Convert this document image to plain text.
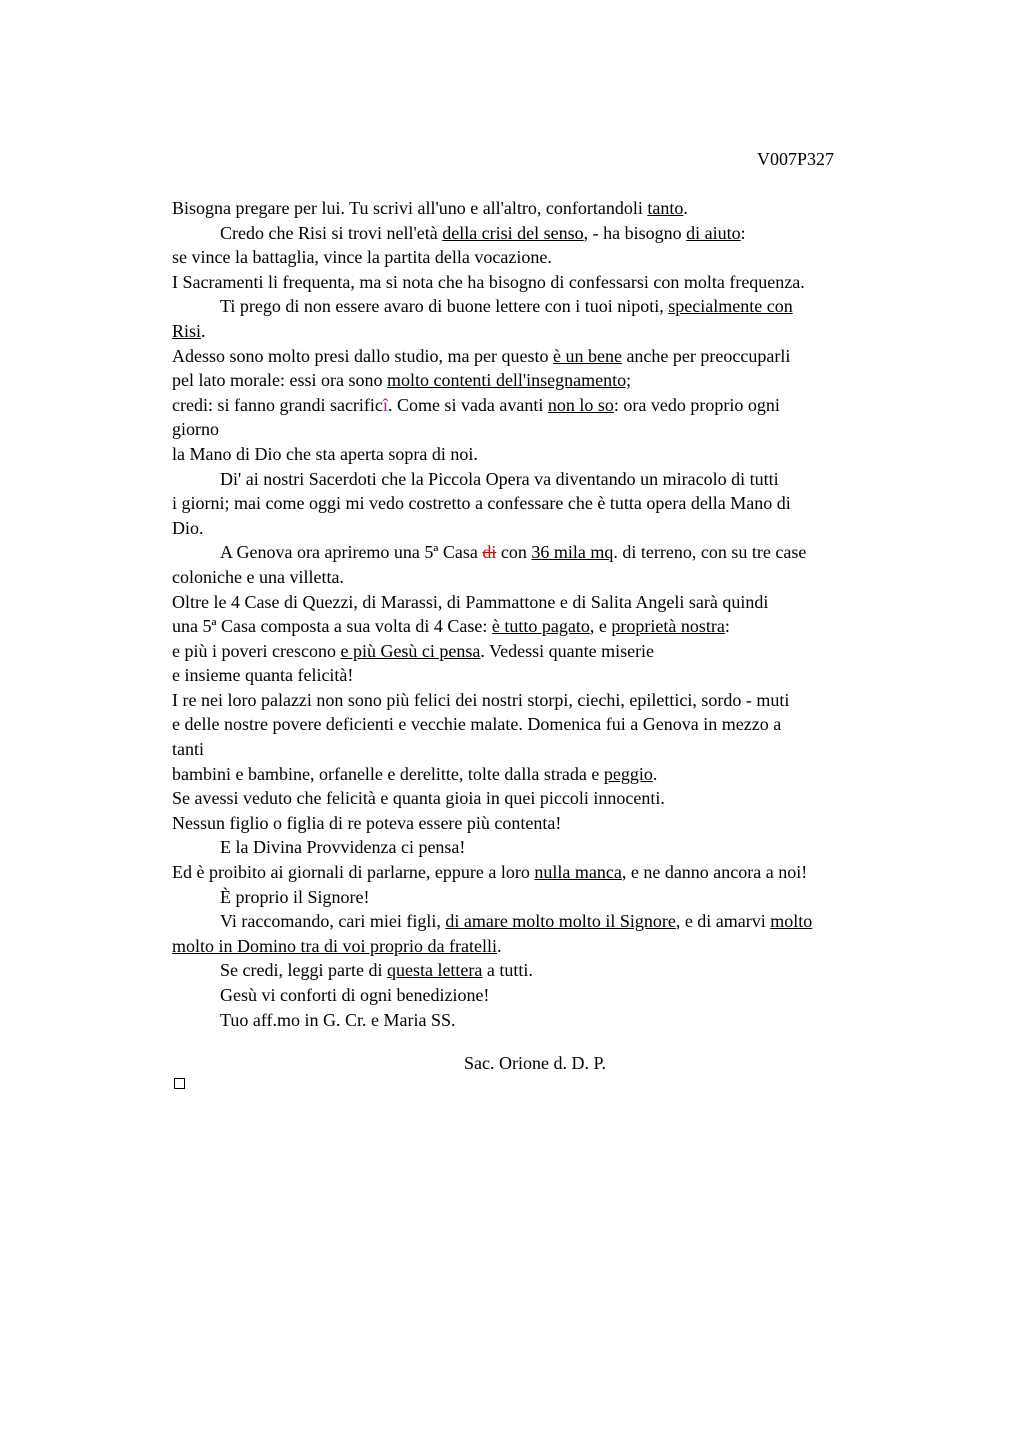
V007P327
Bisogna pregare per lui. Tu scrivi all'uno e all'altro, confortandoli tanto.
Credo che Risi si trovi nell'età della crisi del senso, - ha bisogno di aiuto:
se vince la battaglia, vince la partita della vocazione.
I Sacramenti li frequenta, ma si nota che ha bisogno di confessarsi con molta frequenza.
Ti prego di non essere avaro di buone lettere con i tuoi nipoti, specialmente con
Risi.
Adesso sono molto presi dallo studio, ma per questo è un bene anche per preoccuparli
pel lato morale: essi ora sono molto contenti dell'insegnamento;
credi: si fanno grandi sacrificî. Come si vada avanti non lo so: ora vedo proprio ogni
giorno
la Mano di Dio che sta aperta sopra di noi.
Di' ai nostri Sacerdoti che la Piccola Opera va diventando un miracolo di tutti
i giorni; mai come oggi mi vedo costretto a confessare che è tutta opera della Mano di
Dio.
A Genova ora apriremo una 5ª Casa di con 36 mila mq. di terreno, con su tre case
coloniche e una villetta.
Oltre le 4 Case di Quezzi, di Marassi, di Pammattone e di Salita Angeli sarà quindi
una 5ª Casa composta a sua volta di 4 Case: è tutto pagato, e proprietà nostra:
e più i poveri crescono e più Gesù ci pensa. Vedessi quante miserie
e insieme quanta felicità!
I re nei loro palazzi non sono più felici dei nostri storpi, ciechi, epilettici, sordo - muti
e delle nostre povere deficienti e vecchie malate. Domenica fui a Genova in mezzo a
tanti
bambini e bambine, orfanelle e derelitte, tolte dalla strada e peggio.
Se avessi veduto che felicità e quanta gioia in quei piccoli innocenti.
Nessun figlio o figlia di re poteva essere più contenta!
E la Divina Provvidenza ci pensa!
Ed è proibito ai giornali di parlarne, eppure a loro nulla manca, e ne danno ancora a noi!
È proprio il Signore!
Vi raccomando, cari miei figli, di amare molto molto il Signore, e di amarvi molto
molto in Domino tra di voi proprio da fratelli.
Se credi, leggi parte di questa lettera a tutti.
Gesù vi conforti di ogni benedizione!
Tuo aff.mo in G. Cr. e Maria SS.
Sac. Orione d. D. P.
